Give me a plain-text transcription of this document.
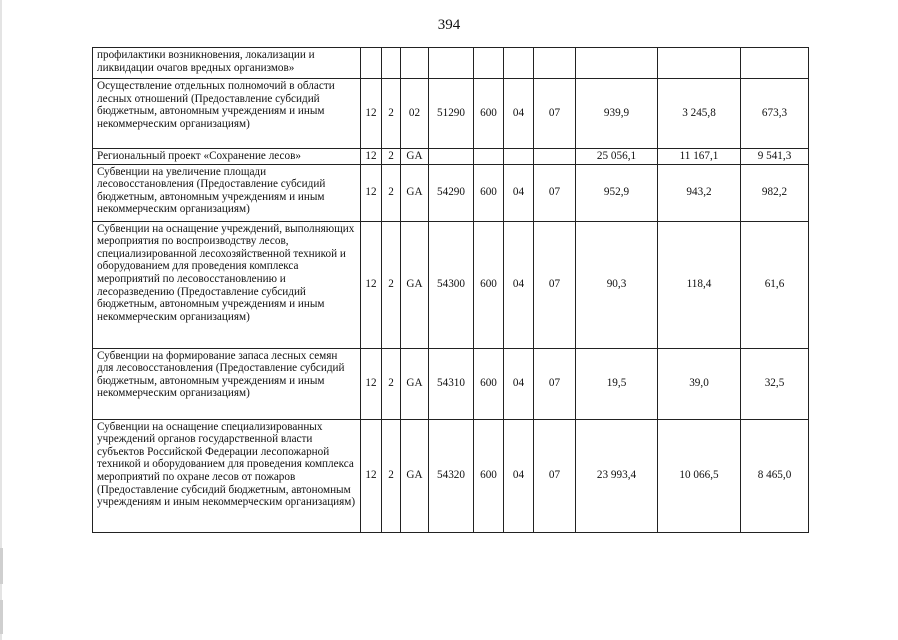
394
профилактики возникновения, локализации и ликвидации очагов вредных организмов»										
Осуществление отдельных полномочий в области лесных отношений (Предоставление субсидий бюджетным, автономным учреждениям и иным некоммерческим организациям)	12	2	02	51290	600	04	07	939,9	3 245,8	673,3
Региональный проект «Сохранение лесов»	12	2	GA					25 056,1	11 167,1	9 541,3
Субвенции на увеличение площади лесовосстановления (Предоставление субсидий бюджетным, автономным учреждениям и иным некоммерческим организациям)	12	2	GA	54290	600	04	07	952,9	943,2	982,2
Субвенции на оснащение учреждений, выполняющих мероприятия по воспроизводству лесов, специализированной лесохозяйственной техникой и оборудованием для проведения комплекса мероприятий по лесовосстановлению и лесоразведению (Предоставление субсидий бюджетным, автономным учреждениям и иным некоммерческим организациям)	12	2	GA	54300	600	04	07	90,3	118,4	61,6
Субвенции на формирование запаса лесных семян для лесовосстановления (Предоставление субсидий бюджетным, автономным учреждениям и иным некоммерческим организациям)	12	2	GA	54310	600	04	07	19,5	39,0	32,5
Субвенции на оснащение специализированных учреждений органов государственной власти субъектов Российской Федерации лесопожарной техникой и оборудованием для проведения комплекса мероприятий по охране лесов от пожаров (Предоставление субсидий бюджетным, автономным учреждениям и иным некоммерческим организациям)	12	2	GA	54320	600	04	07	23 993,4	10 066,5	8 465,0
